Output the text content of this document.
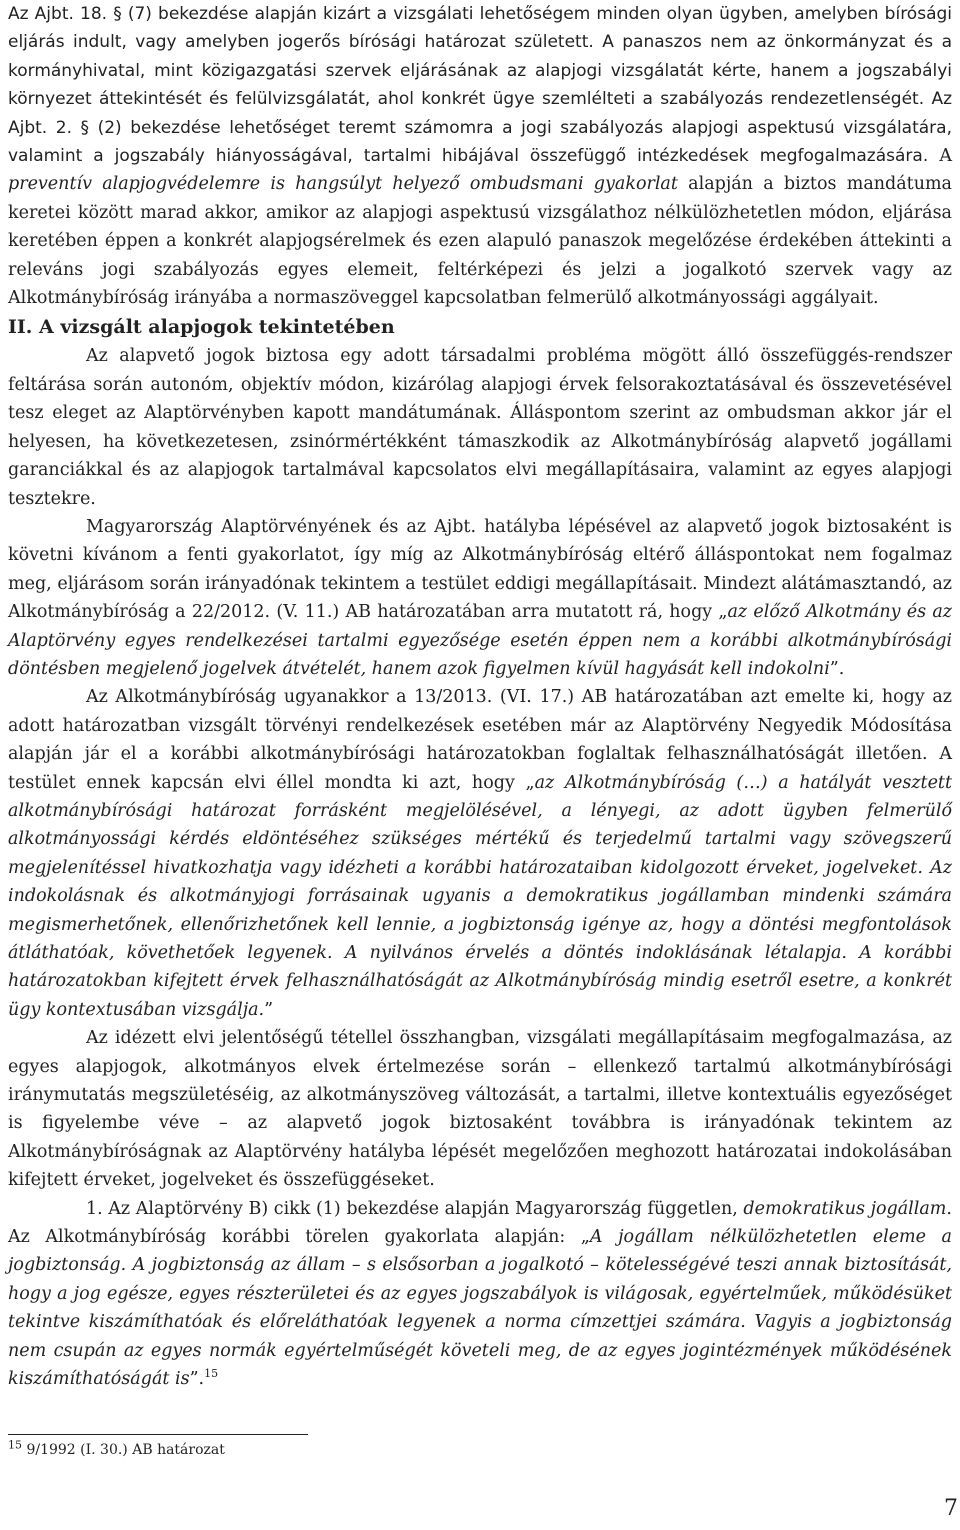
Az Ajbt. 18. § (7) bekezdése alapján kizárt a vizsgálati lehetőségem minden olyan ügyben, amelyben bírósági eljárás indult, vagy amelyben jogerős bírósági határozat született. A panaszos nem az önkormányzat és a kormányhivatal, mint közigazgatási szervek eljárásának az alapjogi vizsgálatát kérte, hanem a jogszabályi környezet áttekintését és felülvizsgálatát, ahol konkrét ügye szemlélteti a szabályozás rendezetlenségét. Az Ajbt. 2. § (2) bekezdése lehetőséget teremt számomra a jogi szabályozás alapjogi aspektusú vizsgálatára, valamint a jogszabály hiányosságával, tartalmi hibájával összefüggő intézkedések megfogalmazására. A preventív alapjogvédelemre is hangsúlyt helyező ombudsmani gyakorlat alapján a biztos mandátuma keretei között marad akkor, amikor az alapjogi aspektusú vizsgálathoz nélkülözhetetlen módon, eljárása keretében éppen a konkrét alapjogsérelmek és ezen alapuló panaszok megelőzése érdekében áttekinti a releváns jogi szabályozás egyes elemeit, feltérképezi és jelzi a jogalkotó szervek vagy az Alkotmánybíróság irányába a normaszöveggel kapcsolatban felmerülő alkotmányossági aggályait.

II. A vizsgált alapjogok tekintetében

Az alapvető jogok biztosa egy adott társadalmi probléma mögött álló összefüggés-rendszer feltárása során autonóm, objektív módon, kizárólag alapjogi érvek felsorakoztatásával és összevetésével tesz eleget az Alaptörvényben kapott mandátumának. Álláspontom szerint az ombudsman akkor jár el helyesen, ha következetesen, zsinórmértékként támaszkodik az Alkotmánybíróság alapvető jogállami garanciákkal és az alapjogok tartalmával kapcsolatos elvi megállapításaira, valamint az egyes alapjogi tesztekre.

Magyarország Alaptörvényének és az Ajbt. hatályba lépésével az alapvető jogok biztosaként is követni kívánom a fenti gyakorlatot, így míg az Alkotmánybíróság eltérő álláspontokat nem fogalmaz meg, eljárásom során irányadónak tekintem a testület eddigi megállapításait. Mindezt alátámasztandó, az Alkotmánybíróság a 22/2012. (V. 11.) AB határozatában arra mutatott rá, hogy „az előző Alkotmány és az Alaptörvény egyes rendelkezései tartalmi egyezősége esetén éppen nem a korábbi alkotmánybírósági döntésben megjelenő jogelvek átvételét, hanem azok figyelmen kívül hagyását kell indokolni”.

Az Alkotmánybíróság ugyanakkor a 13/2013. (VI. 17.) AB határozatában azt emelte ki, hogy az adott határozatban vizsgált törvényi rendelkezések esetében már az Alaptörvény Negyedik Módosítása alapján jár el a korábbi alkotmánybírósági határozatokban foglaltak felhasználhatóságát illetően. A testület ennek kapcsán elvi éllel mondta ki azt, hogy „az Alkotmánybíróság (…) a hatályát vesztett alkotmánybírósági határozat forrásként megjelölésével, a lényegi, az adott ügyben felmerülő alkotmányossági kérdés eldöntéséhez szükséges mértékű és terjedelmű tartalmi vagy szövegszerű megjelenítéssel hivatkozhatja vagy idézheti a korábbi határozataiban kidolgozott érveket, jogelveket. Az indokolásnak és alkotmányjogi forrásainak ugyanis a demokratikus jogállamban mindenki számára megismerhetőnek, ellenőrizhetőnek kell lennie, a jogbiztonság igénye az, hogy a döntési megfontolások átláthatóak, követhetőek legyenek. A nyilvános érvelés a döntés indoklásának létalapja. A korábbi határozatokban kifejtett érvek felhasználhatóságát az Alkotmánybíróság mindig esetről esetre, a konkrét ügy kontextusában vizsgálja.”

Az idézett elvi jelentőségű tétellel összhangban, vizsgálati megállapításaim megfogalmazása, az egyes alapjogok, alkotmányos elvek értelmezése során – ellenkező tartalmú alkotmánybírósági iránymutatás megszületéséig, az alkotmányszöveg változását, a tartalmi, illetve kontextuális egyezőséget is figyelembe véve – az alapvető jogok biztosaként továbbra is irányadónak tekintem az Alkotmánybíróságnak az Alaptörvény hatályba lépését megelőzően meghozott határozatai indokolásában kifejtett érveket, jogelveket és összefüggéseket.

1. Az Alaptörvény B) cikk (1) bekezdése alapján Magyarország független, demokratikus jogállam. Az Alkotmánybíróság korábbi törelen gyakorlata alapján: „A jogállam nélkülözhetetlen eleme a jogbiztonság. A jogbiztonság az állam – s elsősorban a jogalkotó – kötelességévé teszi annak biztosítását, hogy a jog egésze, egyes részterületei és az egyes jogszabályok is világosak, egyértelműek, működésüket tekintve kiszámíthatóak és előreláthatóak legyenek a norma címzettjei számára. Vagyis a jogbiztonság nem csupán az egyes normák egyértelműségét követeli meg, de az egyes jogintézmények működésének kiszámíthatóságát is”.$^{15}$

$^{15}$ 9/1992 (I. 30.) AB határozat
7
